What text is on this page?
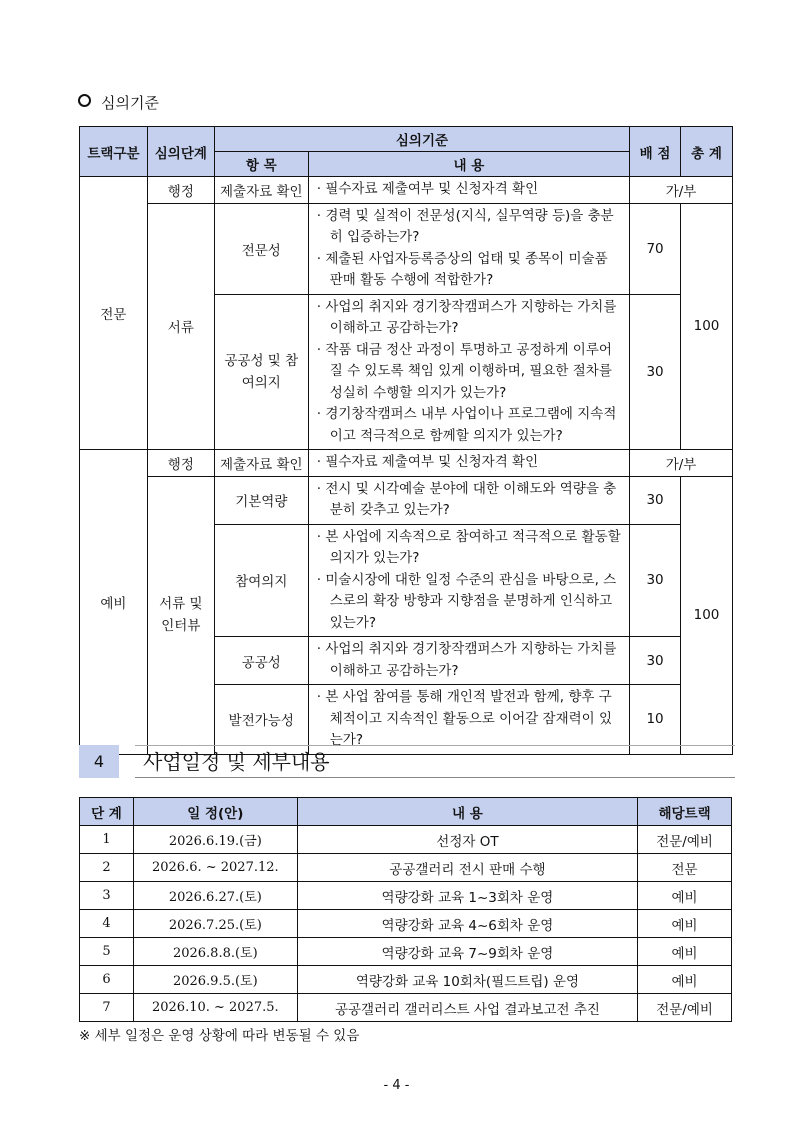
심의기준
트랙구분	심의단계	심의기준		배 점	총 계
		항 목	내 용		
전문	행정	제출자료 확인	· 필수자료 제출여부 및 신청자격 확인	가/부	
	서류	전문성	· 경력 및 실적이 전문성(지식, 실무역량 등)을 충분히 입증하는가?
· 제출된 사업자등록증상의 업태 및 종목이 미술품 판매 활동 수행에 적합한가?	70	100
		공공성 및 참여의지	· 사업의 취지와 경기창작캠퍼스가 지향하는 가치를 이해하고 공감하는가?
· 작품 대금 정산 과정이 투명하고 공정하게 이루어질 수 있도록 책임 있게 이행하며, 필요한 절차를 성실히 수행할 의지가 있는가?
· 경기창작캠퍼스 내부 사업이나 프로그램에 지속적이고 적극적으로 함께할 의지가 있는가?	30	
예비	행정	제출자료 확인	· 필수자료 제출여부 및 신청자격 확인	가/부	
	서류 및 인터뷰	기본역량	· 전시 및 시각예술 분야에 대한 이해도와 역량을 충분히 갖추고 있는가?	30	100
		참여의지	· 본 사업에 지속적으로 참여하고 적극적으로 활동할 의지가 있는가?
· 미술시장에 대한 일정 수준의 관심을 바탕으로, 스스로의 확장 방향과 지향점을 분명하게 인식하고 있는가?	30	
		공공성	· 사업의 취지와 경기창작캠퍼스가 지향하는 가치를 이해하고 공감하는가?	30	
		발전가능성	· 본 사업 참여를 통해 개인적 발전과 함께, 향후 구체적이고 지속적인 활동으로 이어갈 잠재력이 있는가?	10	
4	사업일정 및 세부내용
단 계	일 정(안)	내 용	해당트랙
1	2026.6.19.(금)	선정자 OT	전문/예비
2	2026.6. ~ 2027.12.	공공갤러리 전시 판매 수행	전문
3	2026.6.27.(토)	역량강화 교육 1~3회차 운영	예비
4	2026.7.25.(토)	역량강화 교육 4~6회차 운영	예비
5	2026.8.8.(토)	역량강화 교육 7~9회차 운영	예비
6	2026.9.5.(토)	역량강화 교육 10회차(필드트립) 운영	예비
7	2026.10. ~ 2027.5.	공공갤러리 갤러리스트 사업 결과보고전 추진	전문/예비
※ 세부 일정은 운영 상황에 따라 변동될 수 있음
- 4 -
